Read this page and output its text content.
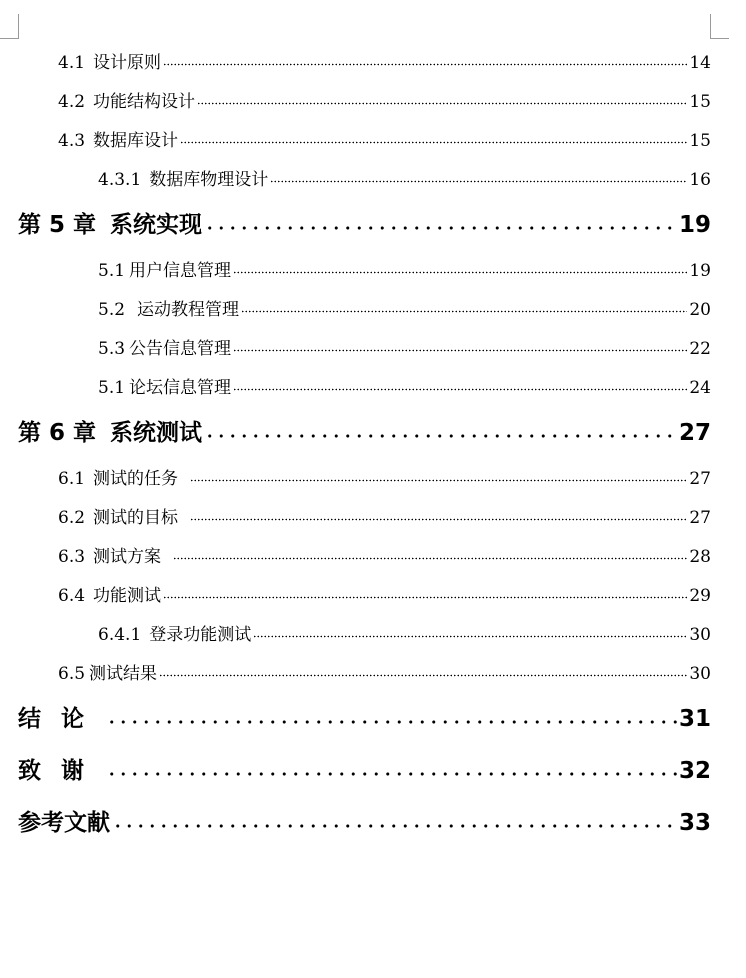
4.1 设计原则	14
4.2 功能结构设计	15
4.3 数据库设计	15
4.3.1 数据库物理设计	16
第 5 章 系统实现	19
5.1 用户信息管理	19
5.2 运动教程管理	20
5.3 公告信息管理	22
5.1 论坛信息管理	24
第 6 章 系统测试	27
6.1 测试的任务	27
6.2 测试的目标	27
6.3 测试方案	28
6.4 功能测试	29
6.4.1 登录功能测试	30
6.5 测试结果	30
结论	31
致谢	32
参考文献	33
